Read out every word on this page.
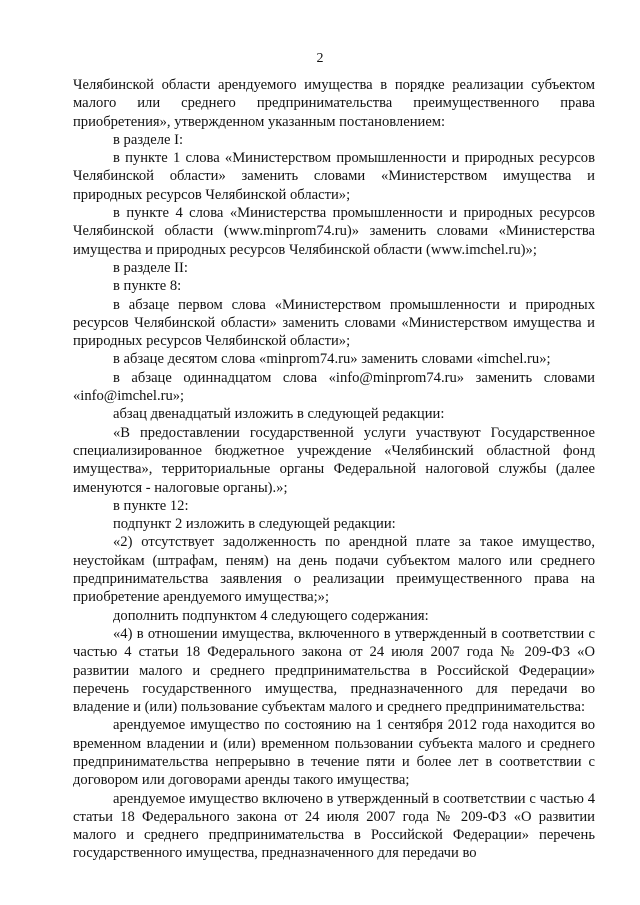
2

Челябинской области арендуемого имущества в порядке реализации субъектом малого или среднего предпринимательства преимущественного права приобретения», утвержденном указанным постановлением:

в разделе I:

в пункте 1 слова «Министерством промышленности и природных ресурсов Челябинской области» заменить словами «Министерством имущества и природных ресурсов Челябинской области»;

в пункте 4 слова «Министерства промышленности и природных ресурсов Челябинской области (www.minprom74.ru)» заменить словами «Министерства имущества и природных ресурсов Челябинской области (www.imchel.ru)»;

в разделе II:

в пункте 8:

в абзаце первом слова «Министерством промышленности и природных ресурсов Челябинской области» заменить словами «Министерством имущества и природных ресурсов Челябинской области»;

в абзаце десятом слова «minprom74.ru» заменить словами «imchel.ru»;

в абзаце одиннадцатом слова «info@minprom74.ru» заменить словами «info@imchel.ru»;

абзац двенадцатый изложить в следующей редакции:

«В предоставлении государственной услуги участвуют Государственное специализированное бюджетное учреждение «Челябинский областной фонд имущества», территориальные органы Федеральной налоговой службы (далее именуются - налоговые органы).»;

в пункте 12:

подпункт 2 изложить в следующей редакции:

«2) отсутствует задолженность по арендной плате за такое имущество, неустойкам (штрафам, пеням) на день подачи субъектом малого или среднего предпринимательства заявления о реализации преимущественного права на приобретение арендуемого имущества;»;

дополнить подпунктом 4 следующего содержания:

«4) в отношении имущества, включенного в утвержденный в соответствии с частью 4 статьи 18 Федерального закона от 24 июля 2007 года № 209-ФЗ «О развитии малого и среднего предпринимательства в Российской Федерации» перечень государственного имущества, предназначенного для передачи во владение и (или) пользование субъектам малого и среднего предпринимательства:

арендуемое имущество по состоянию на 1 сентября 2012 года находится во временном владении и (или) временном пользовании субъекта малого и среднего предпринимательства непрерывно в течение пяти и более лет в соответствии с договором или договорами аренды такого имущества;

арендуемое имущество включено в утвержденный в соответствии с частью 4 статьи 18 Федерального закона от 24 июля 2007 года № 209-ФЗ «О развитии малого и среднего предпринимательства в Российской Федерации» перечень государственного имущества, предназначенного для передачи во
